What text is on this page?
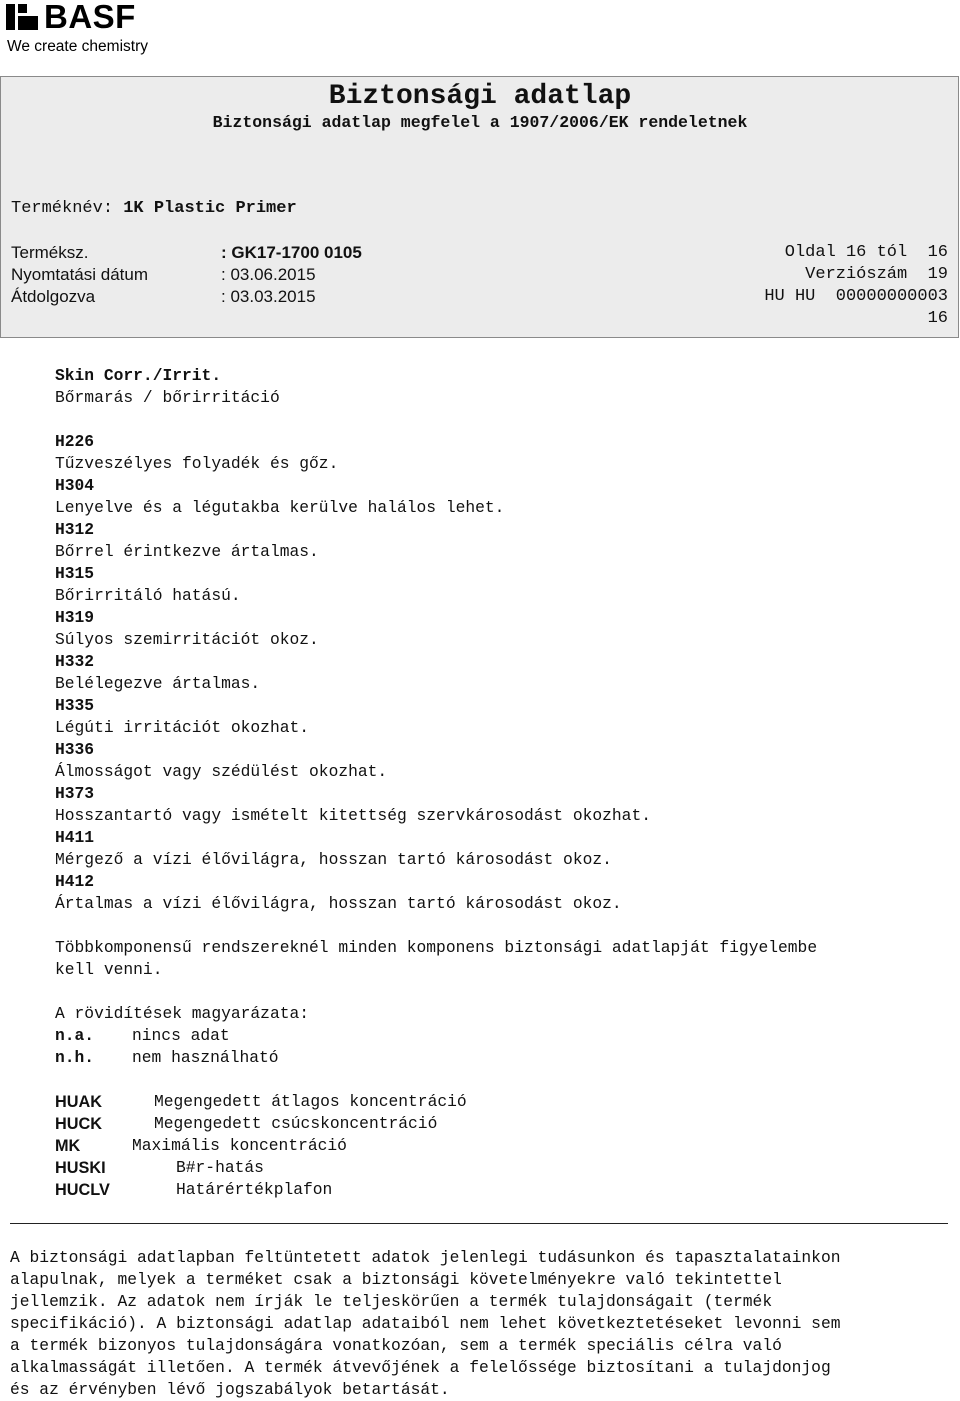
BASF
We create chemistry
Biztonsági adatlap
Biztonsági adatlap megfelel a 1907/2006/EK rendeletnek
Terméknév: 1K Plastic Primer
Terméksz.	: GK17-1700 0105
Nyomtatási dátum	: 03.06.2015
Átdolgozva	: 03.03.2015
Oldal 16 tól  16
Verziószám  19
HU HU  00000000003
16
Skin Corr./Irrit.
Bőrmarás / bőrirritáció
H226
Tűzveszélyes folyadék és gőz.
H304
Lenyelve és a légutakba kerülve halálos lehet.
H312
Bőrrel érintkezve ártalmas.
H315
Bőrirritáló hatású.
H319
Súlyos szemirritációt okoz.
H332
Belélegezve ártalmas.
H335
Légúti irritációt okozhat.
H336
Álmosságot vagy szédülést okozhat.
H373
Hosszantartó vagy ismételt kitettség szervkárosodást okozhat.
H411
Mérgező a vízi élővilágra, hosszan tartó károsodást okoz.
H412
Ártalmas a vízi élővilágra, hosszan tartó károsodást okoz.
Többkomponensű rendszereknél minden komponens biztonsági adatlapját figyelembe
kell venni.
A rövidítések magyarázata:
n.a. nincs adat
n.h. nem használható
HUAK	Megengedett átlagos koncentráció
HUCK	Megengedett csúcskoncentráció
MK	Maximális koncentráció
HUSKI	B#r-hatás
HUCLV	Határértékplafon
A biztonsági adatlapban feltüntetett adatok jelenlegi tudásunkon és tapasztalatainkon
alapulnak, melyek a terméket csak a biztonsági követelményekre való tekintettel
jellemzik. Az adatok nem írják le teljeskörűen a termék tulajdonságait (termék
specifikáció). A biztonsági adatlap adataiból nem lehet következtetéseket levonni sem
a termék bizonyos tulajdonságára vonatkozóan, sem a termék speciális célra való
alkalmasságát illetően. A termék átvevőjének a felelőssége biztosítani a tulajdonjog
és az érvényben lévő jogszabályok betartását.
